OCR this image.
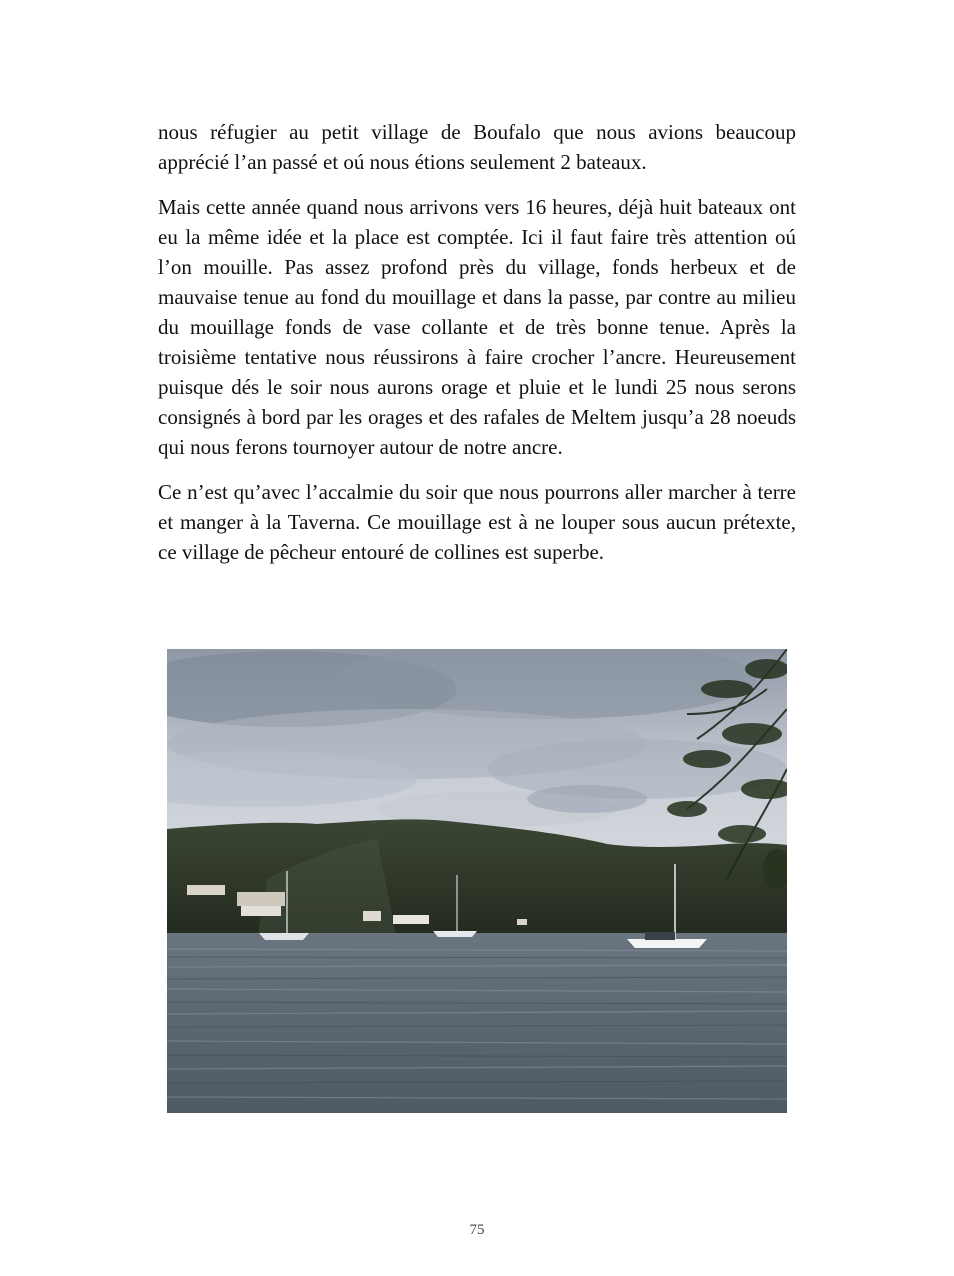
nous réfugier au petit village de Boufalo que nous avions beaucoup apprécié l’an passé et oú nous étions seulement 2 bateaux.

Mais cette année quand nous arrivons vers 16 heures, déjà huit bateaux ont eu la même idée et la place est comptée. Ici il faut faire très attention oú l’on mouille. Pas assez profond près du village, fonds herbeux et de mauvaise tenue au fond du mouillage et dans la passe, par contre au milieu du mouillage fonds de vase collante et de très bonne tenue. Après la troisième tentative nous réussirons à faire crocher l’ancre. Heureusement puisque dés le soir nous aurons orage et pluie et le lundi 25 nous serons consignés à bord par les orages et des rafales de Meltem jusqu’a 28 noeuds qui nous ferons tournoyer autour de notre ancre.

Ce n’est qu’avec l’accalmie du soir que nous pourrons aller marcher à terre et manger à la Taverna. Ce mouillage est à ne louper sous aucun prétexte, ce village de pêcheur entouré de collines est superbe.

75
